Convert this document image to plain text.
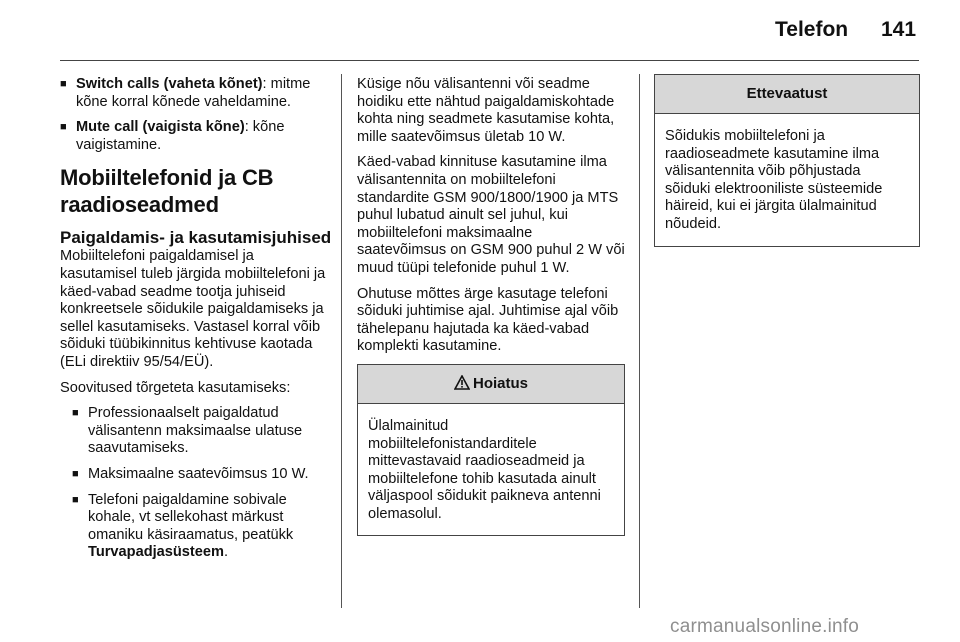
Telefon 141
■ Switch calls (vaheta kõnet): mitme kõne korral kõnede vaheldamine.
■ Mute call (vaigista kõne): kõne vaigistamine.
Mobiiltelefonid ja CB raadioseadmed
Paigaldamis- ja kasutamisjuhised

Mobiiltelefoni paigaldamisel ja kasutamisel tuleb järgida mobiiltelefoni ja käed-vabad seadme tootja juhiseid konkreetsele sõidukile paigaldamiseks ja sellel kasutamiseks. Vastasel korral võib sõiduki tüübikinnitus kehtivuse kaotada (ELi direktiiv 95/54/EÜ).

Soovitused tõrgeteta kasutamiseks:

■ Professionaalselt paigaldatud välisantenn maksimaalse ulatuse saavutamiseks.
■ Maksimaalne saatevõimsus 10 W.
■ Telefoni paigaldamine sobivale kohale, vt sellekohast märkust omaniku käsiraamatus, peatükk Turvapadjasüsteem.

Küsige nõu välisantenni või seadme hoidiku ette nähtud paigaldamiskohtade kohta ning seadmete kasutamise kohta, mille saatevõimsus ületab 10 W.

Käed-vabad kinnituse kasutamine ilma välisantennita on mobiiltelefoni standardite GSM 900/1800/1900 ja MTS puhul lubatud ainult sel juhul, kui mobiiltelefoni maksimaalne saatevõimsus on GSM 900 puhul 2 W või muud tüüpi telefonide puhul 1 W.

Ohutuse mõttes ärge kasutage telefoni sõiduki juhtimise ajal. Juhtimise ajal võib tähelepanu hajutada ka käed-vabad komplekti kasutamine.

Hoiatus
Ülalmainitud mobiiltelefonistandarditele mittevastavaid raadioseadmeid ja mobiiltelefone tohib kasutada ainult väljaspool sõidukit paikneva antenni olemasolul.
Ettevaatust
Sõidukis mobiiltelefoni ja raadioseadmete kasutamine ilma välisantennita võib põhjustada sõiduki elektrooniliste süsteemide häireid, kui ei järgita ülalmainitud nõudeid.
carmanualsonline.info
